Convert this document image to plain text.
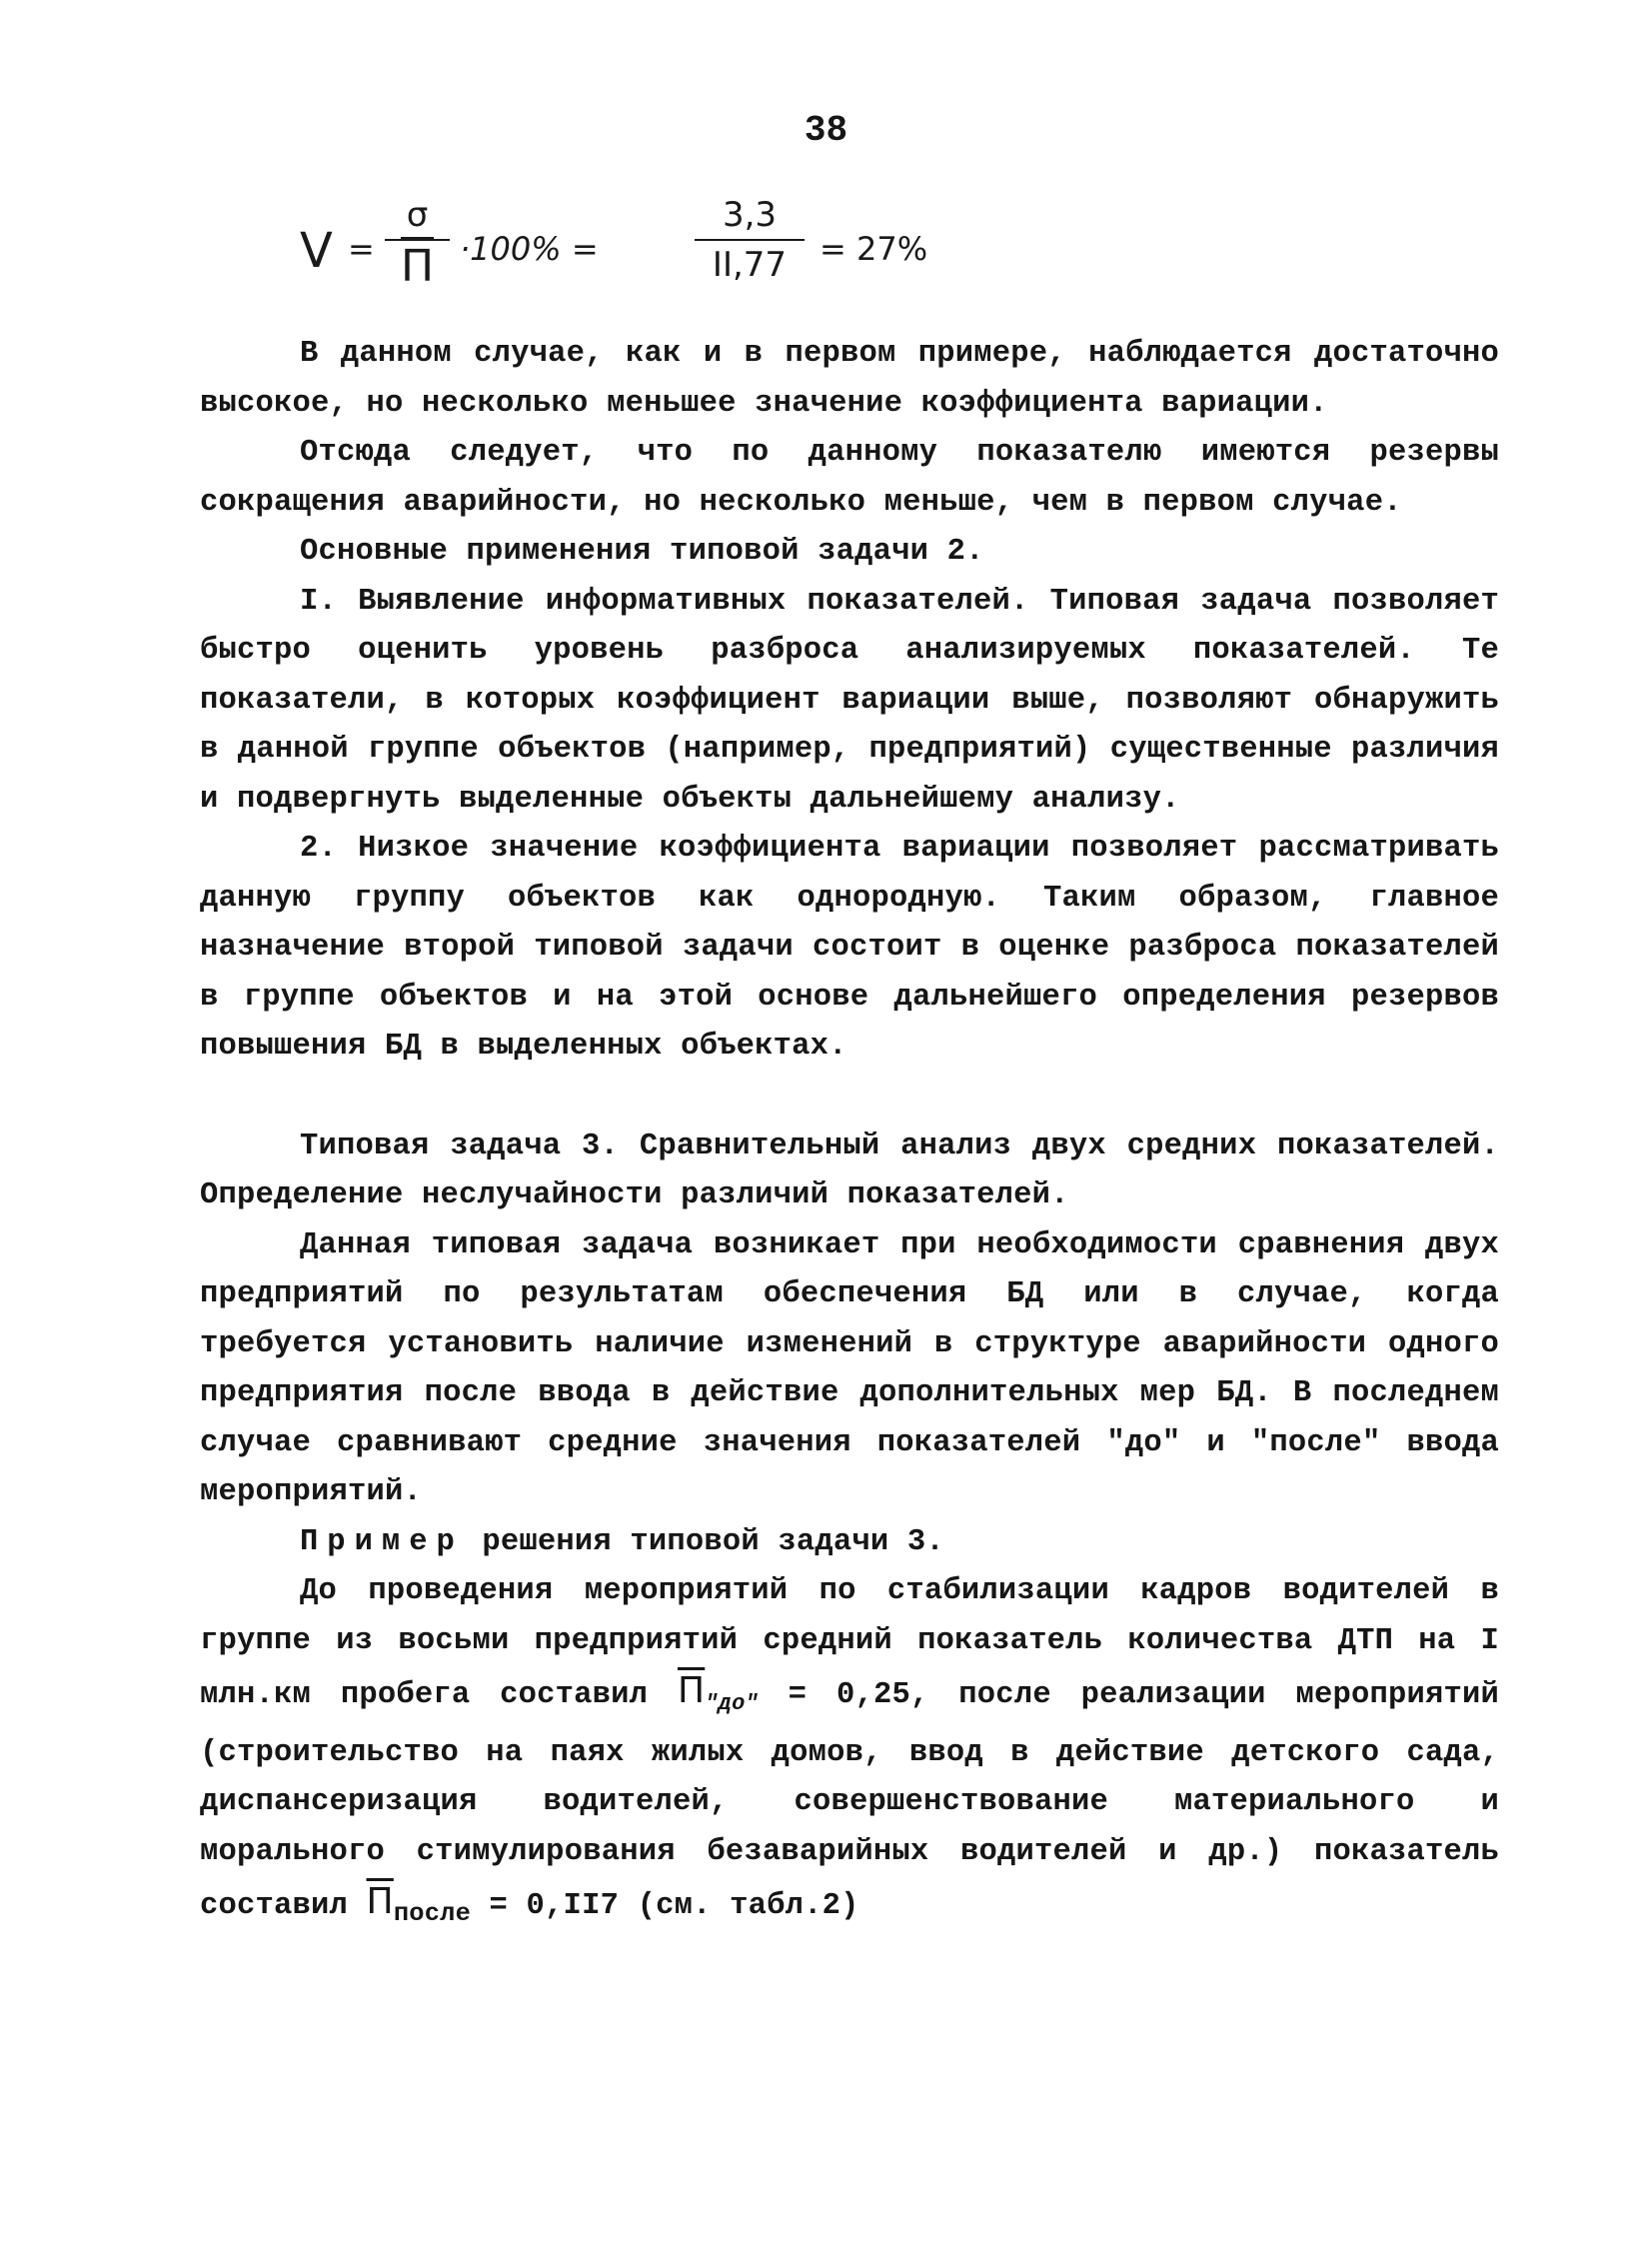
38
V =
σ
П ·100% =
3,3
II,77	= 27%

В данном случае, как и в первом примере, наблюдается достаточно высокое, но несколько меньшее значение коэффициента вариации.

Отсюда следует, что по данному показателю имеются резервы сокращения аварийности, но несколько меньше, чем в первом случае.

Основные применения типовой задачи 2.

I. Выявление информативных показателей. Типовая задача позволяет быстро оценить уровень разброса анализируемых показателей. Те показатели, в которых коэффициент вариации выше, позволяют обнаружить в данной группе объектов (например, предприятий) существенные различия и подвергнуть выделенные объекты дальнейшему анализу.

2. Низкое значение коэффициента вариации позволяет рассматривать данную группу объектов как однородную. Таким образом, главное назначение второй типовой задачи состоит в оценке разброса показателей в группе объектов и на этой основе дальнейшего определения резервов повышения БД в выделенных объектах.

Типовая задача 3. Сравнительный анализ двух средних показателей. Определение неслучайности различий показателей.

Данная типовая задача возникает при необходимости сравнения двух предприятий по результатам обеспечения БД или в случае, когда требуется установить наличие изменений в структуре аварийности одного предприятия после ввода в действие дополнительных мер БД. В последнем случае сравнивают средние значения показателей "до" и "после" ввода мероприятий.

Пример решения типовой задачи 3.

До проведения мероприятий по стабилизации кадров водителей в группе из восьми предприятий средний показатель количества ДТП на I млн.км пробега составил $П_{"до"} = 0,25$, после реализации мероприятий (строительство на паях жилых домов, ввод в действие детского сада, диспансеризация водителей, совершенствование материального и морального стимулирования безаварийных водителей и др.) показатель составил $П_{после} = 0,II7$ (см. табл.2)
